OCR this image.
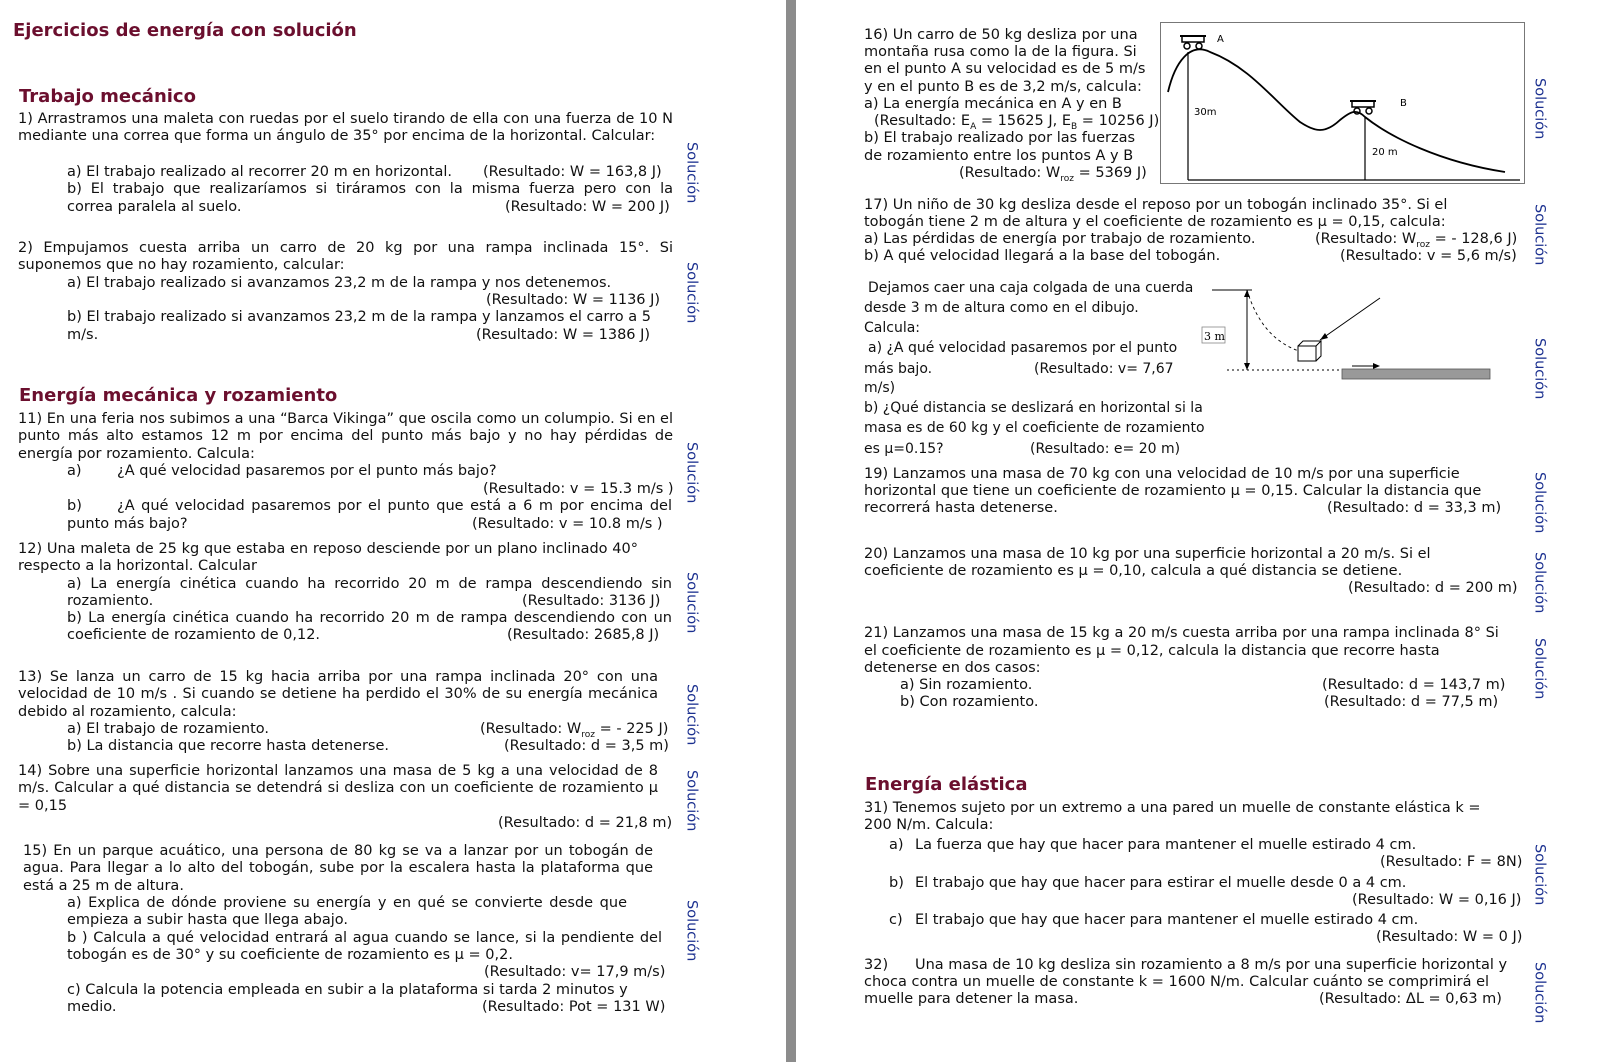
Ejercicios de energía con solución
Trabajo mecánico
1) Arrastramos una maleta con ruedas por el suelo tirando de ella con una fuerza de 10 N mediante una correa que forma un ángulo de 35° por encima de la horizontal. Calcular:
a) El trabajo realizado al recorrer 20 m en horizontal. (Resultado: W = 163,8 J)
b) El trabajo que realizaríamos si tiráramos con la misma fuerza pero con la
correa paralela al suelo.	(Resultado: W = 200 J)
Solución
2) Empujamos cuesta arriba un carro de 20 kg por una rampa inclinada 15°. Si suponemos que no hay rozamiento, calcular:
a) El trabajo realizado si avanzamos 23,2 m de la rampa y nos detenemos.
(Resultado: W = 1136 J)
b) El trabajo realizado si avanzamos 23,2 m de la rampa y lanzamos el carro a 5
m/s.	(Resultado: W = 1386 J)
Solución
Energía mecánica y rozamiento
11) En una feria nos subimos a una “Barca Vikinga” que oscila como un columpio. Si en el punto más alto estamos 12 m por encima del punto más bajo y no hay pérdidas de energía por rozamiento. Calcula:
a) ¿A qué velocidad pasaremos por el punto más bajo?
(Resultado: v = 15.3 m/s )
b) ¿A qué velocidad pasaremos por el punto que está a 6 m por encima del
punto más bajo?	(Resultado: v = 10.8 m/s )
Solución
12) Una maleta de 25 kg que estaba en reposo desciende por un plano inclinado 40° respecto a la horizontal. Calcular
a) La energía cinética cuando ha recorrido 20 m de rampa descendiendo sin
rozamiento.	(Resultado: 3136 J)
b) La energía cinética cuando ha recorrido 20 m de rampa descendiendo con un
coeficiente de rozamiento de 0,12.	(Resultado: 2685,8 J)
Solución
13) Se lanza un carro de 15 kg hacia arriba por una rampa inclinada 20° con una velocidad de 10 m/s . Si cuando se detiene ha perdido el 30% de su energía mecánica debido al rozamiento, calcula:
a) El trabajo de rozamiento.	(Resultado: $W_{roz}$ = - 225 J)
b) La distancia que recorre hasta detenerse.	(Resultado: d = 3,5 m)
Solución
14) Sobre una superficie horizontal lanzamos una masa de 5 kg a una velocidad de 8 m/s. Calcular a qué distancia se detendrá si desliza con un coeficiente de rozamiento μ = 0,15
(Resultado: d = 21,8 m) Solución
15) En un parque acuático, una persona de 80 kg se va a lanzar por un tobogán de agua. Para llegar a lo alto del tobogán, sube por la escalera hasta la plataforma que está a 25 m de altura.
a) Explica de dónde proviene su energía y en qué se convierte desde que empieza a subir hasta que llega abajo.
b ) Calcula a qué velocidad entrará al agua cuando se lance, si la pendiente del tobogán es de 30° y su coeficiente de rozamiento es μ = 0,2.
(Resultado: v= 17,9 m/s)
c) Calcula la potencia empleada en subir a la plataforma si tarda 2 minutos y
medio.	(Resultado: Pot = 131 W)
Solución
16) Un carro de 50 kg desliza por una
montaña rusa como la de la figura. Si
en el punto A su velocidad es de 5 m/s
y en el punto B es de 3,2 m/s, calcula:
a) La energía mecánica en A y en B
(Resultado: $E_A = 15625$ J, $E_B = 10256$ J)
b) El trabajo realizado por las fuerzas
de rozamiento entre los puntos A y B
(Resultado: $W_{roz} = 5369$ J)
A
B
30m
20 m
Solución
17) Un niño de 30 kg desliza desde el reposo por un tobogán inclinado 35°. Si el
tobogán tiene 2 m de altura y el coeficiente de rozamiento es μ = 0,15, calcula:
a) Las pérdidas de energía por trabajo de rozamiento.	(Resultado: $W_{roz}$ = - 128,6 J)
b) A qué velocidad llegará a la base del tobogán.	(Resultado: v = 5,6 m/s) Solución
Dejamos caer una caja colgada de una cuerda
desde 3 m de altura como en el dibujo.
Calcula:
a) ¿A qué velocidad pasaremos por el punto
más bajo.	(Resultado: v= 7,67
m/s)
b) ¿Qué distancia se deslizará en horizontal si la
masa es de 60 kg y el coeficiente de rozamiento
es μ=0.15?	(Resultado: e= 20 m)
3 m
Solución
19) Lanzamos una masa de 70 kg con una velocidad de 10 m/s por una superficie
horizontal que tiene un coeficiente de rozamiento μ = 0,15. Calcular la distancia que
recorrerá hasta detenerse.	(Resultado: d = 33,3 m) Solución
20) Lanzamos una masa de 10 kg por una superficie horizontal a 20 m/s. Si el
coeficiente de rozamiento es μ = 0,10, calcula a qué distancia se detiene.
(Resultado: d = 200 m) Solución
21) Lanzamos una masa de 15 kg a 20 m/s cuesta arriba por una rampa inclinada 8° Si
el coeficiente de rozamiento es μ = 0,12, calcula la distancia que recorre hasta
detenerse en dos casos:
a) Sin rozamiento.	(Resultado: d = 143,7 m)
b) Con rozamiento.	(Resultado: d = 77,5 m)
Solución
Energía elástica
31) Tenemos sujeto por un extremo a una pared un muelle de constante elástica k =
200 N/m. Calcula:
a) La fuerza que hay que hacer para mantener el muelle estirado 4 cm.
(Resultado: F = 8N)
b) El trabajo que hay que hacer para estirar el muelle desde 0 a 4 cm.
(Resultado: W = 0,16 J)
c) El trabajo que hay que hacer para mantener el muelle estirado 4 cm.
(Resultado: W = 0 J)
Solución
32) Una masa de 10 kg desliza sin rozamiento a 8 m/s por una superficie horizontal y
choca contra un muelle de constante k = 1600 N/m. Calcular cuánto se comprimirá el
muelle para detener la masa.	(Resultado: ΔL = 0,63 m) Solución
